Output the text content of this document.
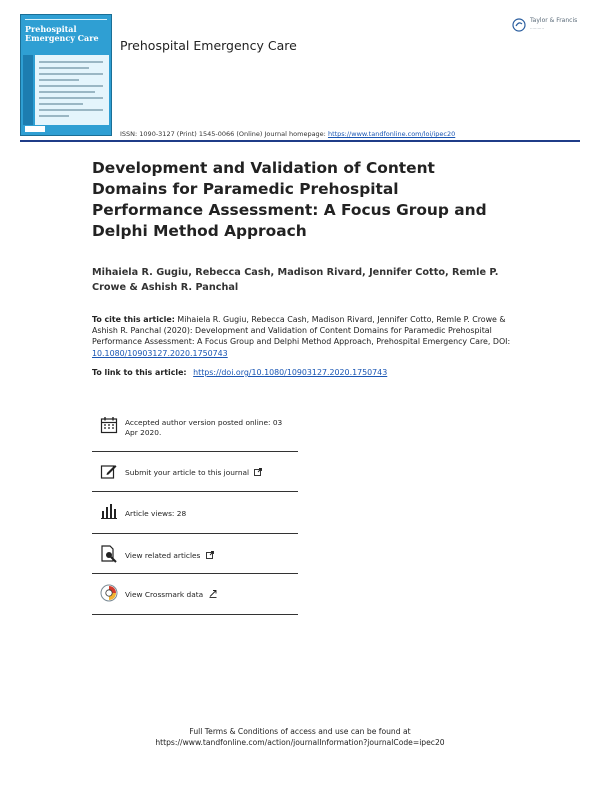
Prehospital
Emergency Care	Prehospital Emergency Care
Taylor & Francis
···········
ISSN: 1090-3127 (Print) 1545-0066 (Online) Journal homepage: https://www.tandfonline.com/loi/ipec20
Development and Validation of Content Domains for Paramedic Prehospital Performance Assessment: A Focus Group and Delphi Method Approach
Mihaiela R. Gugiu, Rebecca Cash, Madison Rivard, Jennifer Cotto, Remle P. Crowe & Ashish R. Panchal
To cite this article: Mihaiela R. Gugiu, Rebecca Cash, Madison Rivard, Jennifer Cotto, Remle P. Crowe & Ashish R. Panchal (2020): Development and Validation of Content Domains for Paramedic Prehospital Performance Assessment: A Focus Group and Delphi Method Approach, Prehospital Emergency Care, DOI: 10.1080/10903127.2020.1750743
To link to this article: https://doi.org/10.1080/10903127.2020.1750743
Accepted author version posted online: 03 Apr 2020.
Submit your article to this journal
Article views: 28
View related articles
View Crossmark data
Full Terms & Conditions of access and use can be found at
https://www.tandfonline.com/action/journalInformation?journalCode=ipec20
